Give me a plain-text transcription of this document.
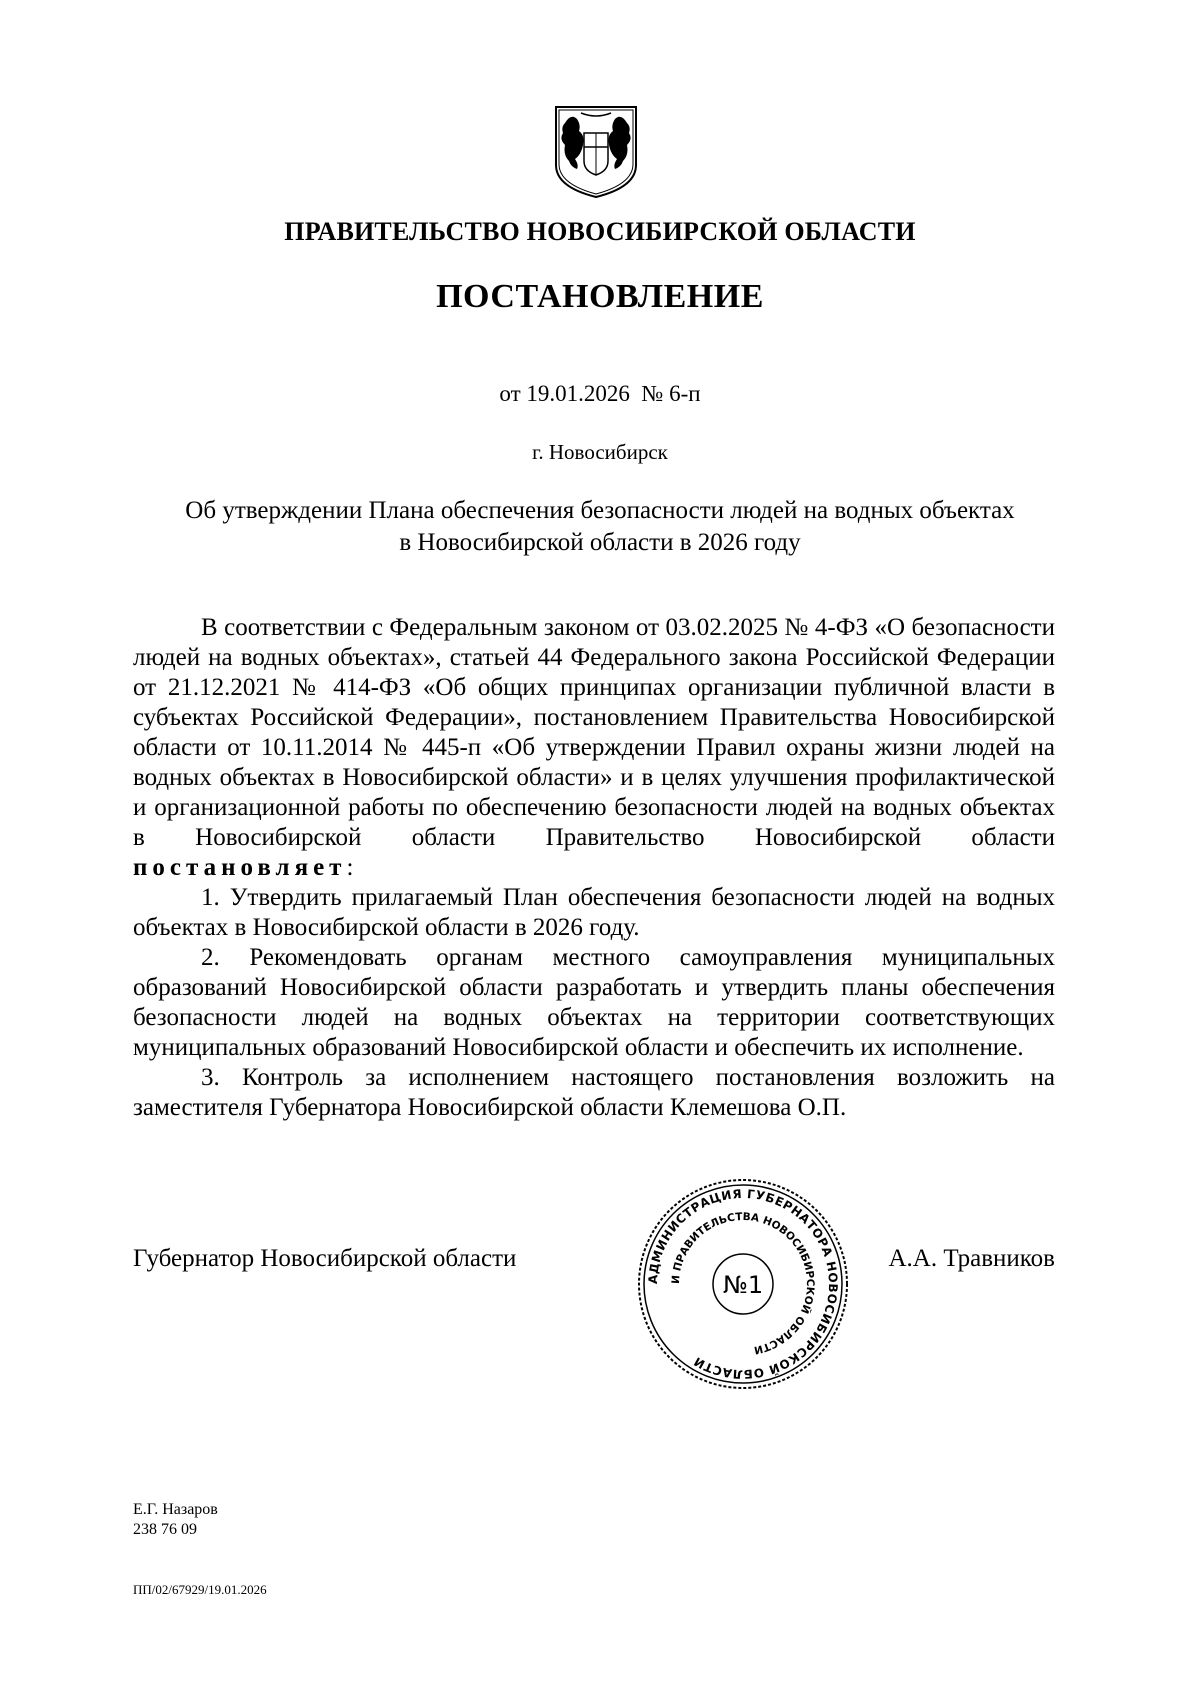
ПРАВИТЕЛЬСТВО НОВОСИБИРСКОЙ ОБЛАСТИ
ПОСТАНОВЛЕНИЕ
от 19.01.2026  № 6-п
г. Новосибирск
Об утверждении Плана обеспечения безопасности людей на водных объектах
в Новосибирской области в 2026 году

В соответствии с Федеральным законом от 03.02.2025 № 4-ФЗ «О безопасности людей на водных объектах», статьей 44 Федерального закона Российской Федерации от 21.12.2021 № 414-ФЗ «Об общих принципах организации публичной власти в субъектах Российской Федерации», постановлением Правительства Новосибирской области от 10.11.2014 № 445-п «Об утверждении Правил охраны жизни людей на водных объектах в Новосибирской области» и в целях улучшения профилактической и организационной работы по обеспечению безопасности людей на водных объектах в Новосибирской области Правительство Новосибирской области постановляет:

1. Утвердить прилагаемый План обеспечения безопасности людей на водных объектах в Новосибирской области в 2026 году.

2. Рекомендовать органам местного самоуправления муниципальных образований Новосибирской области разработать и утвердить планы обеспечения безопасности людей на водных объектах на территории соответствующих муниципальных образований Новосибирской области и обеспечить их исполнение.

3. Контроль за исполнением настоящего постановления возложить на заместителя Губернатора Новосибирской области Клемешова О.П.

Губернатор Новосибирской области
АДМИНИСТРАЦИЯ ГУБЕРНАТОРА НОВОСИБИРСКОЙ ОБЛАСТИ
И ПРАВИТЕЛЬСТВА НОВОСИБИРСКОЙ ОБЛАСТИ
№1
А.А. Травников
Е.Г. Назаров
238 76 09
ПП/02/67929/19.01.2026
